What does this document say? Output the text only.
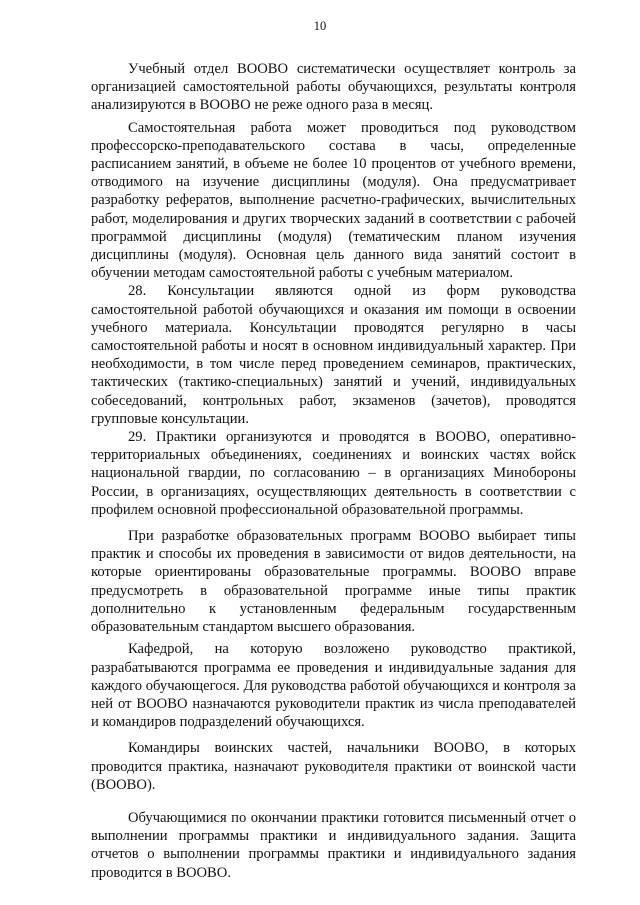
10

Учебный отдел ВООВО систематически осуществляет контроль за организацией самостоятельной работы обучающихся, результаты контроля анализируются в ВООВО не реже одного раза в месяц.

Самостоятельная работа может проводиться под руководством профессорско-преподавательского состава в часы, определенные расписанием занятий, в объеме не более 10 процентов от учебного времени, отводимого на изучение дисциплины (модуля). Она предусматривает разработку рефератов, выполнение расчетно-графических, вычислительных работ, моделирования и других творческих заданий в соответствии с рабочей программой дисциплины (модуля) (тематическим планом изучения дисциплины (модуля). Основная цель данного вида занятий состоит в обучении методам самостоятельной работы с учебным материалом.

28. Консультации являются одной из форм руководства самостоятельной работой обучающихся и оказания им помощи в освоении учебного материала. Консультации проводятся регулярно в часы самостоятельной работы и носят в основном индивидуальный характер. При необходимости, в том числе перед проведением семинаров, практических, тактических (тактико-специальных) занятий и учений, индивидуальных собеседований, контрольных работ, экзаменов (зачетов), проводятся групповые консультации.

29. Практики организуются и проводятся в ВООВО, оперативно-территориальных объединениях, соединениях и воинских частях войск национальной гвардии, по согласованию – в организациях Минобороны России, в организациях, осуществляющих деятельность в соответствии с профилем основной профессиональной образовательной программы.

При разработке образовательных программ ВООВО выбирает типы практик и способы их проведения в зависимости от видов деятельности, на которые ориентированы образовательные программы. ВООВО вправе предусмотреть в образовательной программе иные типы практик дополнительно к установленным федеральным государственным образовательным стандартом высшего образования.

Кафедрой, на которую возложено руководство практикой, разрабатываются программа ее проведения и индивидуальные задания для каждого обучающегося. Для руководства работой обучающихся и контроля за ней от ВООВО назначаются руководители практик из числа преподавателей и командиров подразделений обучающихся.

Командиры воинских частей, начальники ВООВО, в которых проводится практика, назначают руководителя практики от воинской части (ВООВО).

Обучающимися по окончании практики готовится письменный отчет о выполнении программы практики и индивидуального задания. Защита отчетов о выполнении программы практики и индивидуального задания проводится в ВООВО.
